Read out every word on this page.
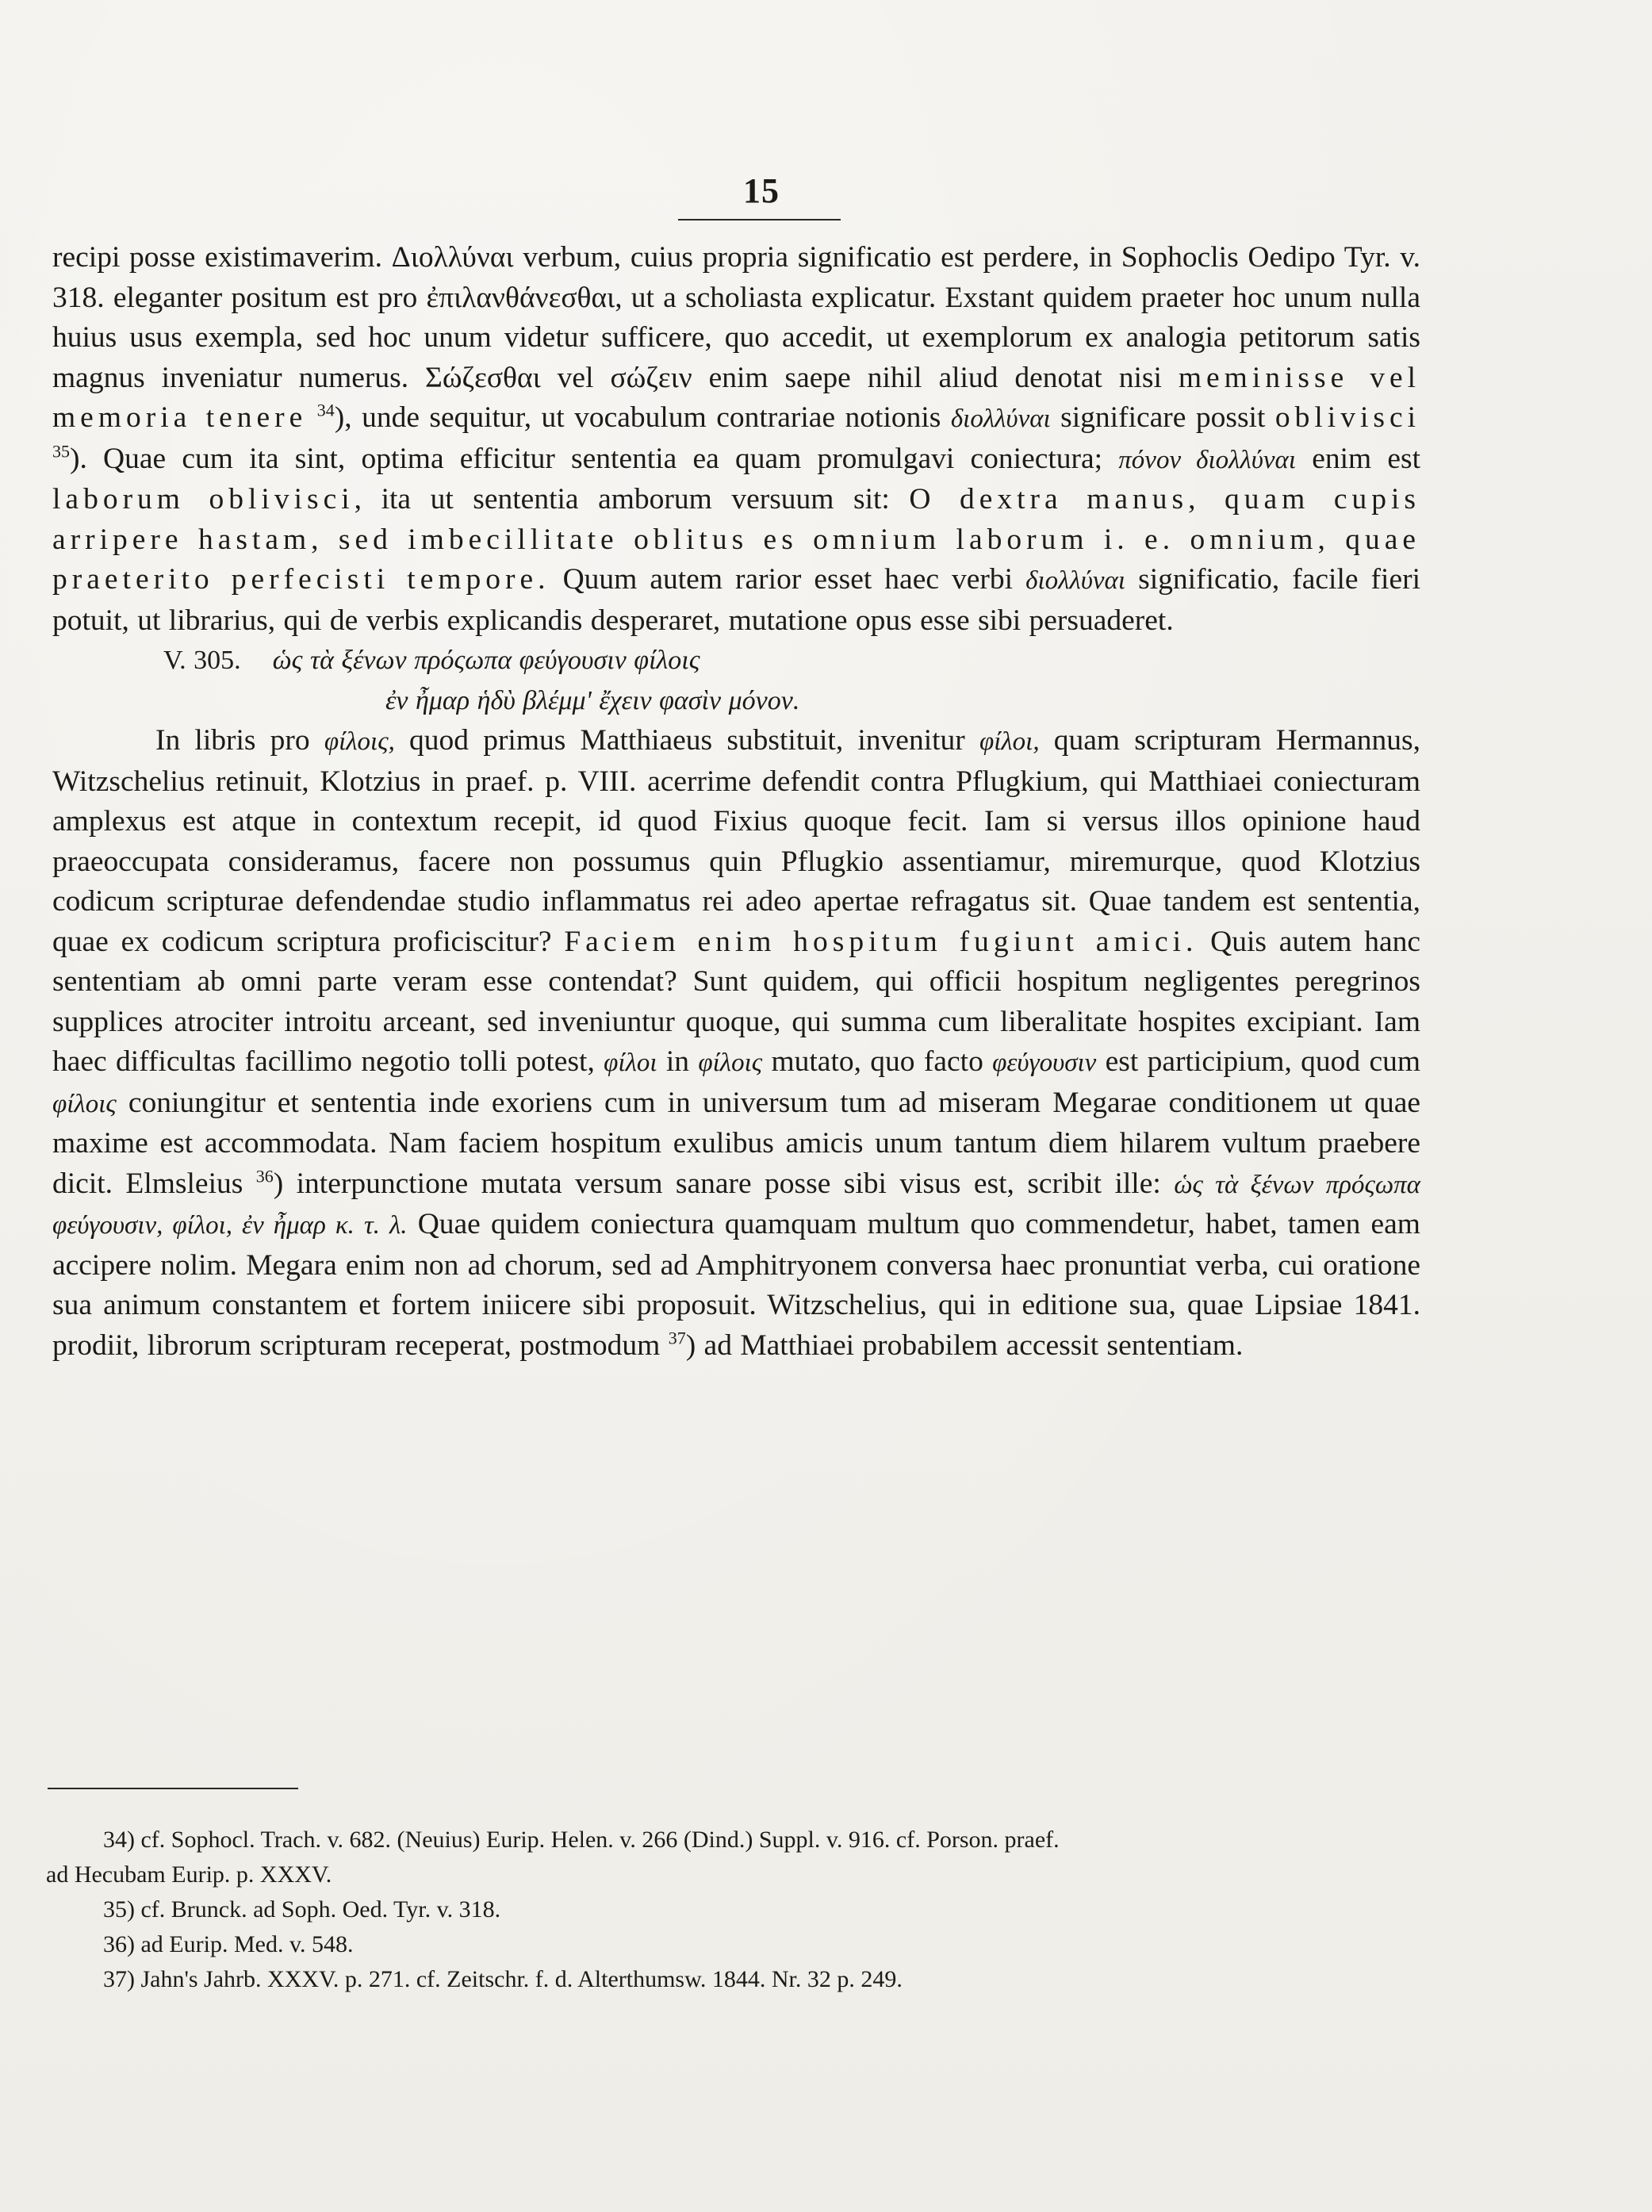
15

recipi posse existimaverim. Διολλύναι verbum, cuius propria significatio est perdere, in Sophoclis Oedipo Tyr. v. 318. eleganter positum est pro ἐπιλανθάνεσθαι, ut a scholiasta explicatur. Exstant quidem praeter hoc unum nulla huius usus exempla, sed hoc unum videtur sufficere, quo accedit, ut exemplorum ex analogia petitorum satis magnus inveniatur numerus. Σώζεσθαι vel σώζειν enim saepe nihil aliud denotat nisi meminisse vel memoria tenere $^{34}$), unde sequitur, ut vocabulum contrariae notionis διολλύναι significare possit oblivisci $^{35}$). Quae cum ita sint, optima efficitur sententia ea quam promulgavi coniectura; πόνον διολλύναι enim est laborum oblivisci, ita ut sententia amborum versuum sit: O dextra manus, quam cupis arripere hastam, sed imbecillitate oblitus es omnium laborum i. e. omnium, quae praeterito perfecisti tempore. Quum autem rarior esset haec verbi διολλύναι significatio, facile fieri potuit, ut librarius, qui de verbis explicandis desperaret, mutatione opus esse sibi persuaderet.

V. 305. ὡς τὰ ξένων πρόςωπα φεύγουσιν φίλοις
ἐν ἦμαρ ἡδὺ βλέμμ' ἔχειν φασὶν μόνον.

In libris pro φίλοις, quod primus Matthiaeus substituit, invenitur φίλοι, quam scripturam Hermannus, Witzschelius retinuit, Klotzius in praef. p. VIII. acerrime defendit contra Pflugkium, qui Matthiaei coniecturam amplexus est atque in contextum recepit, id quod Fixius quoque fecit. Iam si versus illos opinione haud praeoccupata consideramus, facere non possumus quin Pflugkio assentiamur, miremurque, quod Klotzius codicum scripturae defendendae studio inflammatus rei adeo apertae refragatus sit. Quae tandem est sententia, quae ex codicum scriptura proficiscitur? Faciem enim hospitum fugiunt amici. Quis autem hanc sententiam ab omni parte veram esse contendat? Sunt quidem, qui officii hospitum negligentes peregrinos supplices atrociter introitu arceant, sed inveniuntur quoque, qui summa cum liberalitate hospites excipiant. Iam haec difficultas facillimo negotio tolli potest, φίλοι in φίλοις mutato, quo facto φεύγουσιν est participium, quod cum φίλοις coniungitur et sententia inde exoriens cum in universum tum ad miseram Megarae conditionem ut quae maxime est accommodata. Nam faciem hospitum exulibus amicis unum tantum diem hilarem vultum praebere dicit. Elmsleius $^{36}$) interpunctione mutata versum sanare posse sibi visus est, scribit ille: ὡς τὰ ξένων πρόςωπα φεύγουσιν, φίλοι, ἐν ἦμαρ κ. τ. λ. Quae quidem coniectura quamquam multum quo commendetur, habet, tamen eam accipere nolim. Megara enim non ad chorum, sed ad Amphitryonem conversa haec pronuntiat verba, cui oratione sua animum constantem et fortem iniicere sibi proposuit. Witzschelius, qui in editione sua, quae Lipsiae 1841. prodiit, librorum scripturam receperat, postmodum $^{37}$) ad Matthiaei probabilem accessit sententiam.

34) cf. Sophocl. Trach. v. 682. (Neuius) Eurip. Helen. v. 266 (Dind.) Suppl. v. 916. cf. Porson. praef.

ad Hecubam Eurip. p. XXXV.

35) cf. Brunck. ad Soph. Oed. Tyr. v. 318.

36) ad Eurip. Med. v. 548.

37) Jahn's Jahrb. XXXV. p. 271. cf. Zeitschr. f. d. Alterthumsw. 1844. Nr. 32 p. 249.
